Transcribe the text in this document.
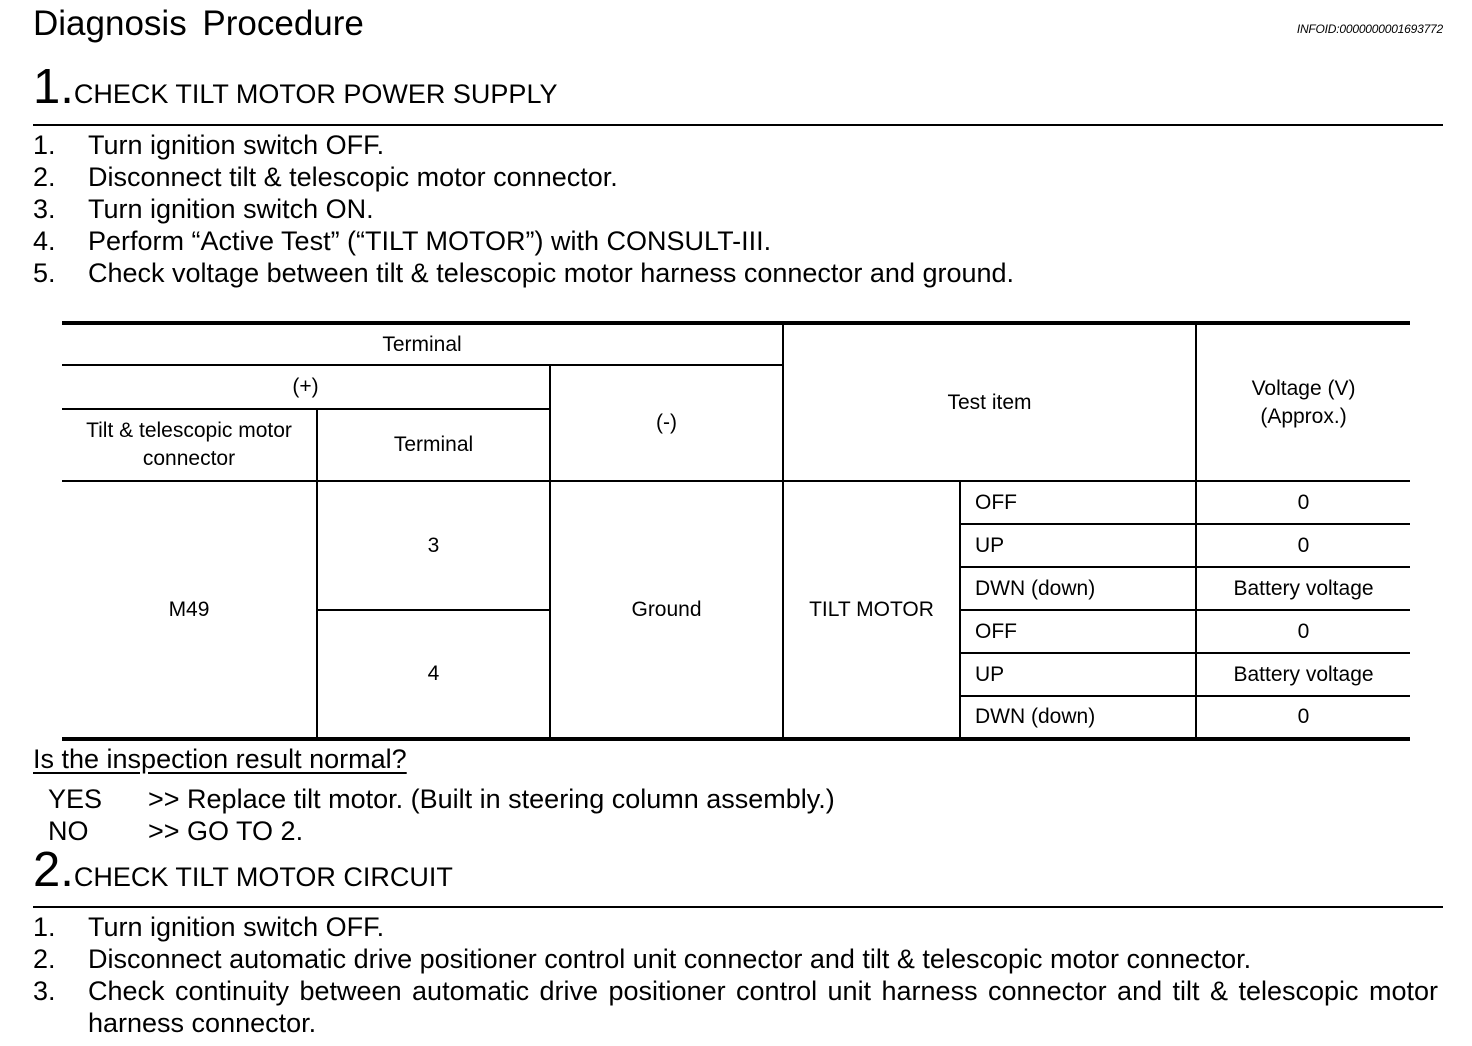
Diagnosis Procedure	INFOID:0000000001693772
1.CHECK TILT MOTOR POWER SUPPLY
1. Turn ignition switch OFF.
2. Disconnect tilt & telescopic motor connector.
3. Turn ignition switch ON.
4. Perform “Active Test” (“TILT MOTOR”) with CONSULT-III.
5. Check voltage between tilt & telescopic motor harness connector and ground.
Terminal			Test item		Voltage (V)
(Approx.)
(+)		(-)			
Tilt & telescopic motor connector	Terminal				
M49	3	Ground	TILT MOTOR	OFF	0
				UP	0
				DWN (down)	Battery voltage
	4			OFF	0
				UP	Battery voltage
				DWN (down)	0
Is the inspection result normal?
YES >> Replace tilt motor. (Built in steering column assembly.)
NO >> GO TO 2.
2.CHECK TILT MOTOR CIRCUIT
1. Turn ignition switch OFF.
2. Disconnect automatic drive positioner control unit connector and tilt & telescopic motor connector.
3. Check continuity between automatic drive positioner control unit harness connector and tilt & telescopic motor harness connector.
